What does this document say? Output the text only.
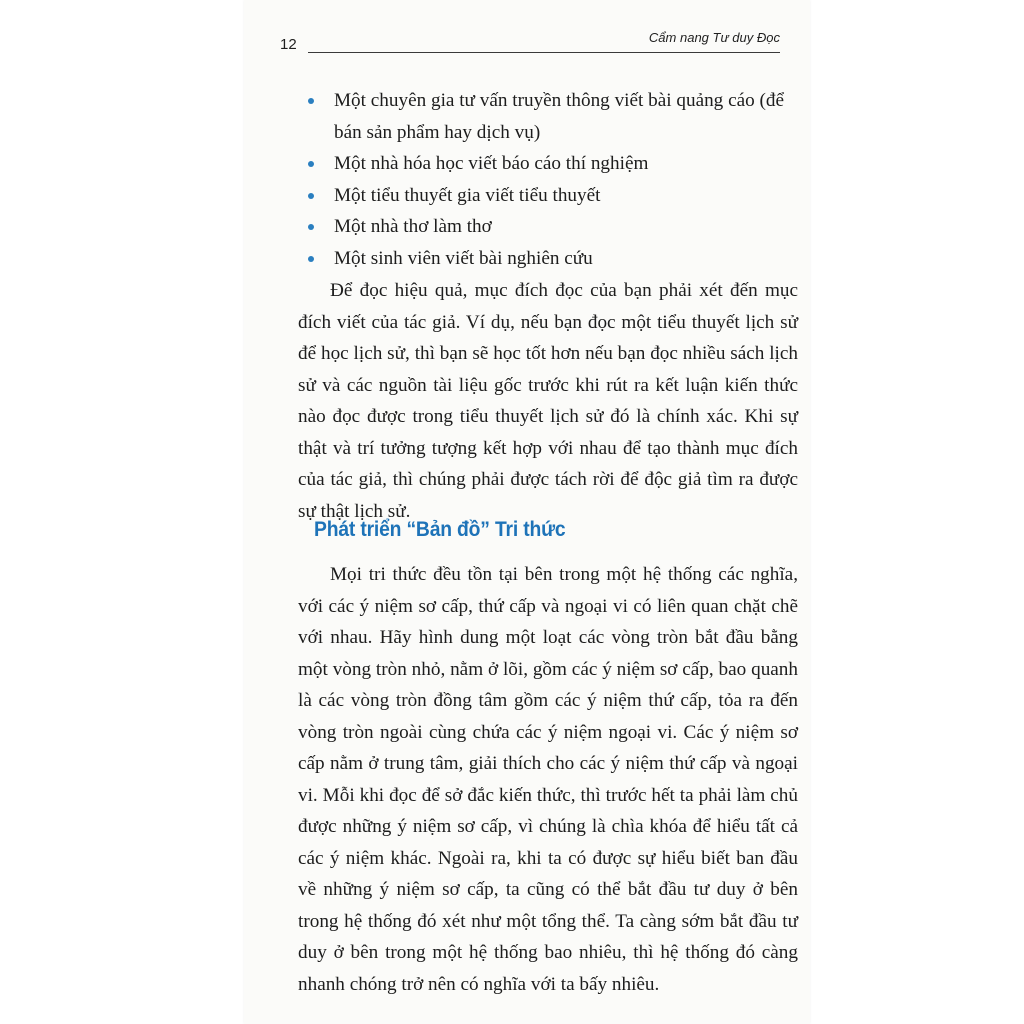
12	Cẩm nang Tư duy Đọc
Một chuyên gia tư vấn truyền thông viết bài quảng cáo (để bán sản phẩm hay dịch vụ)
Một nhà hóa học viết báo cáo thí nghiệm
Một tiểu thuyết gia viết tiểu thuyết
Một nhà thơ làm thơ
Một sinh viên viết bài nghiên cứu

Để đọc hiệu quả, mục đích đọc của bạn phải xét đến mục đích viết của tác giả. Ví dụ, nếu bạn đọc một tiểu thuyết lịch sử để học lịch sử, thì bạn sẽ học tốt hơn nếu bạn đọc nhiều sách lịch sử và các nguồn tài liệu gốc trước khi rút ra kết luận kiến thức nào đọc được trong tiểu thuyết lịch sử đó là chính xác. Khi sự thật và trí tưởng tượng kết hợp với nhau để tạo thành mục đích của tác giả, thì chúng phải được tách rời để độc giả tìm ra được sự thật lịch sử.

Phát triển “Bản đồ” Tri thức

Mọi tri thức đều tồn tại bên trong một hệ thống các nghĩa, với các ý niệm sơ cấp, thứ cấp và ngoại vi có liên quan chặt chẽ với nhau. Hãy hình dung một loạt các vòng tròn bắt đầu bằng một vòng tròn nhỏ, nằm ở lõi, gồm các ý niệm sơ cấp, bao quanh là các vòng tròn đồng tâm gồm các ý niệm thứ cấp, tỏa ra đến vòng tròn ngoài cùng chứa các ý niệm ngoại vi. Các ý niệm sơ cấp nằm ở trung tâm, giải thích cho các ý niệm thứ cấp và ngoại vi. Mỗi khi đọc để sở đắc kiến thức, thì trước hết ta phải làm chủ được những ý niệm sơ cấp, vì chúng là chìa khóa để hiểu tất cả các ý niệm khác. Ngoài ra, khi ta có được sự hiểu biết ban đầu về những ý niệm sơ cấp, ta cũng có thể bắt đầu tư duy ở bên trong hệ thống đó xét như một tổng thể. Ta càng sớm bắt đầu tư duy ở bên trong một hệ thống bao nhiêu, thì hệ thống đó càng nhanh chóng trở nên có nghĩa với ta bấy nhiêu.
